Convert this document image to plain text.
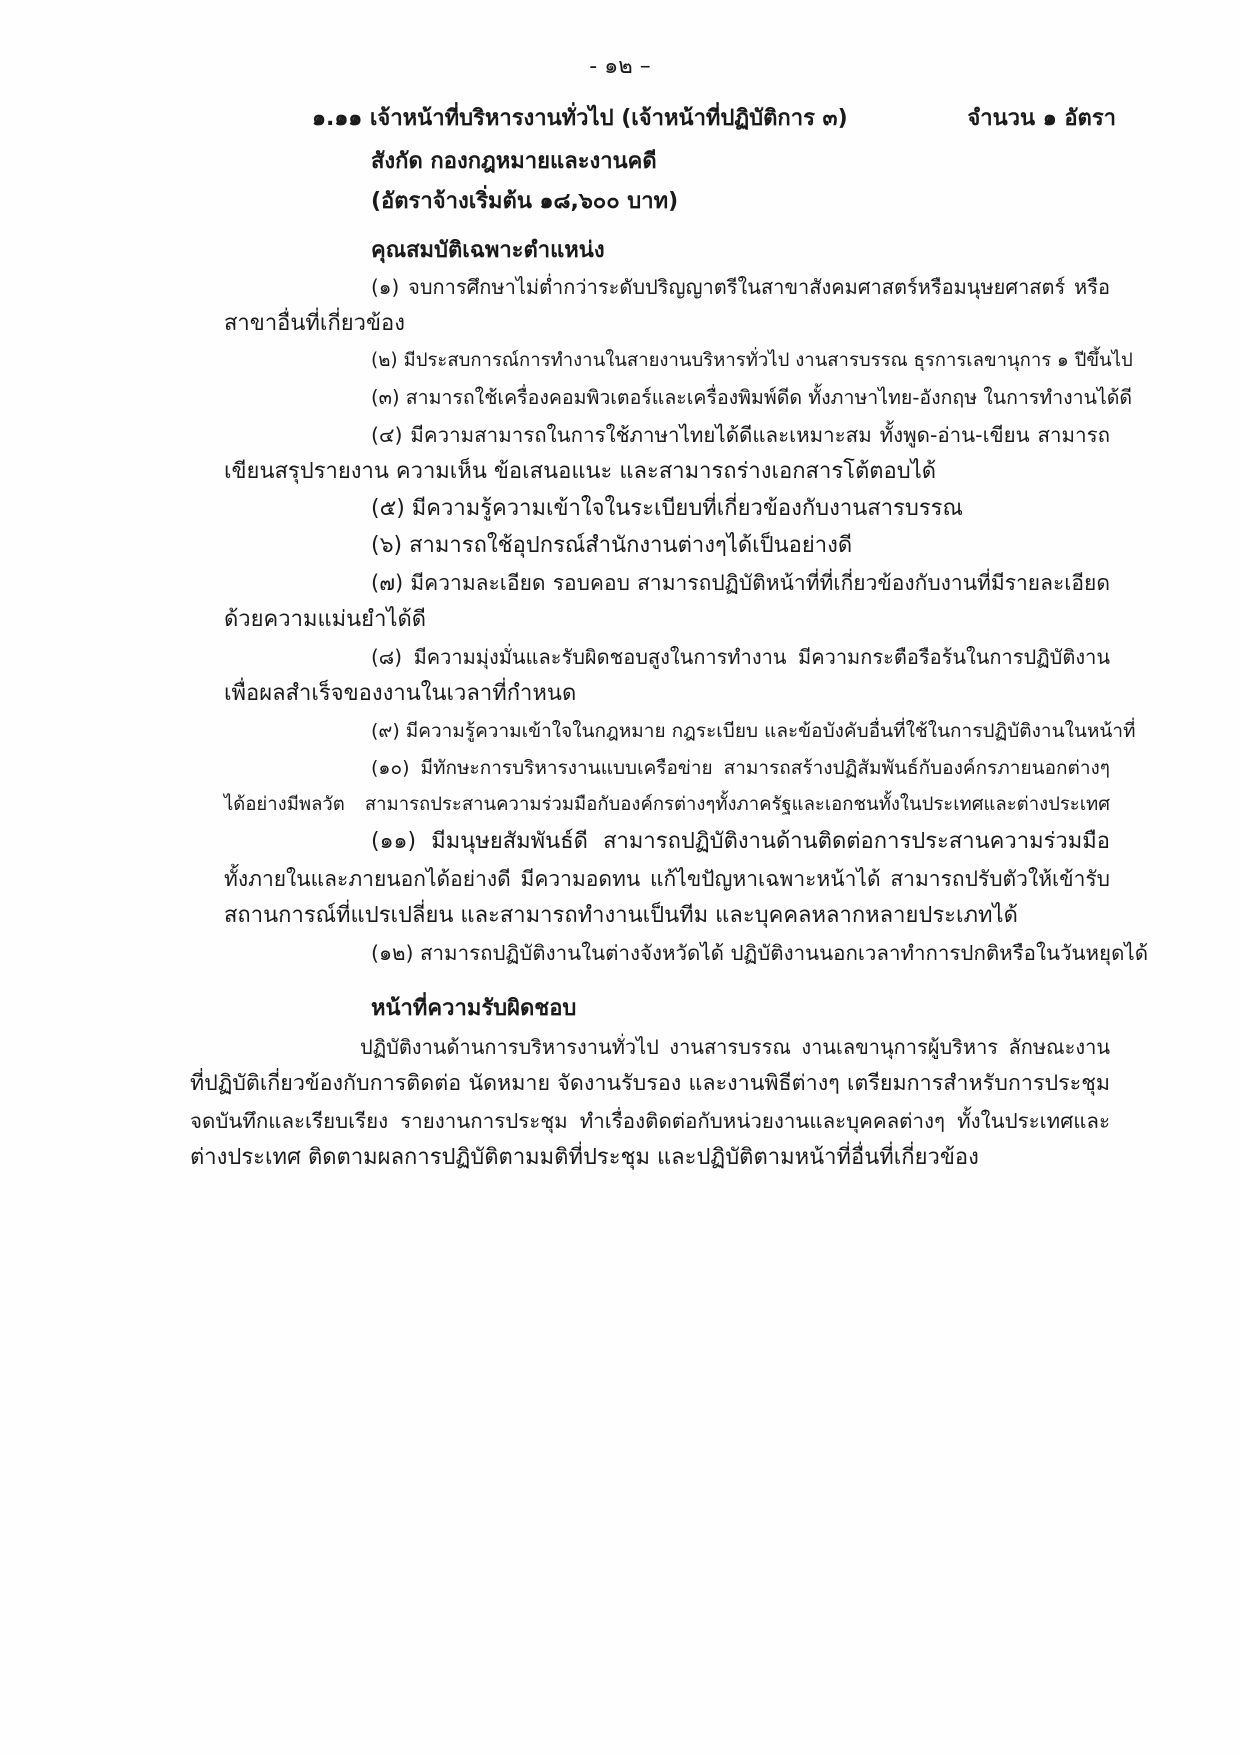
- ๑๒ –
๑.๑๑ เจ้าหน้าที่บริหารงานทั่วไป (เจ้าหน้าที่ปฏิบัติการ ๓)	จำนวน ๑ อัตรา
สังกัด กองกฎหมายและงานคดี
(อัตราจ้างเริ่มต้น ๑๘,๖๐๐ บาท)
คุณสมบัติเฉพาะตำแหน่ง
(๑) จบการศึกษาไม่ต่ำกว่าระดับปริญญาตรีในสาขาสังคมศาสตร์หรือมนุษยศาสตร์ หรือ
สาขาอื่นที่เกี่ยวข้อง
(๒) มีประสบการณ์การทำงานในสายงานบริหารทั่วไป งานสารบรรณ ธุรการเลขานุการ ๑ ปีขึ้นไป
(๓) สามารถใช้เครื่องคอมพิวเตอร์และเครื่องพิมพ์ดีด ทั้งภาษาไทย-อังกฤษ ในการทำงานได้ดี
(๔) มีความสามารถในการใช้ภาษาไทยได้ดีและเหมาะสม ทั้งพูด-อ่าน-เขียน สามารถ
เขียนสรุปรายงาน ความเห็น ข้อเสนอแนะ และสามารถร่างเอกสารโต้ตอบได้
(๕) มีความรู้ความเข้าใจในระเบียบที่เกี่ยวข้องกับงานสารบรรณ
(๖) สามารถใช้อุปกรณ์สำนักงานต่างๆได้เป็นอย่างดี
(๗) มีความละเอียด รอบคอบ สามารถปฏิบัติหน้าที่ที่เกี่ยวข้องกับงานที่มีรายละเอียด
ด้วยความแม่นยำได้ดี
(๘) มีความมุ่งมั่นและรับผิดชอบสูงในการทำงาน มีความกระตือรือร้นในการปฏิบัติงาน
เพื่อผลสำเร็จของงานในเวลาที่กำหนด
(๙) มีความรู้ความเข้าใจในกฎหมาย กฎระเบียบ และข้อบังคับอื่นที่ใช้ในการปฏิบัติงานในหน้าที่
(๑๐) มีทักษะการบริหารงานแบบเครือข่าย สามารถสร้างปฏิสัมพันธ์กับองค์กรภายนอกต่างๆ
ได้อย่างมีพลวัต สามารถประสานความร่วมมือกับองค์กรต่างๆทั้งภาครัฐและเอกชนทั้งในประเทศและต่างประเทศ
(๑๑) มีมนุษยสัมพันธ์ดี สามารถปฏิบัติงานด้านติดต่อการประสานความร่วมมือ
ทั้งภายในและภายนอกได้อย่างดี มีความอดทน แก้ไขปัญหาเฉพาะหน้าได้ สามารถปรับตัวให้เข้ารับ
สถานการณ์ที่แปรเปลี่ยน และสามารถทำงานเป็นทีม และบุคคลหลากหลายประเภทได้
(๑๒) สามารถปฏิบัติงานในต่างจังหวัดได้ ปฏิบัติงานนอกเวลาทำการปกติหรือในวันหยุดได้
หน้าที่ความรับผิดชอบ
ปฏิบัติงานด้านการบริหารงานทั่วไป งานสารบรรณ งานเลขานุการผู้บริหาร ลักษณะงาน
ที่ปฏิบัติเกี่ยวข้องกับการติดต่อ นัดหมาย จัดงานรับรอง และงานพิธีต่างๆ เตรียมการสำหรับการประชุม
จดบันทึกและเรียบเรียง รายงานการประชุม ทำเรื่องติดต่อกับหน่วยงานและบุคคลต่างๆ ทั้งในประเทศและ
ต่างประเทศ ติดตามผลการปฏิบัติตามมติที่ประชุม และปฏิบัติตามหน้าที่อื่นที่เกี่ยวข้อง
